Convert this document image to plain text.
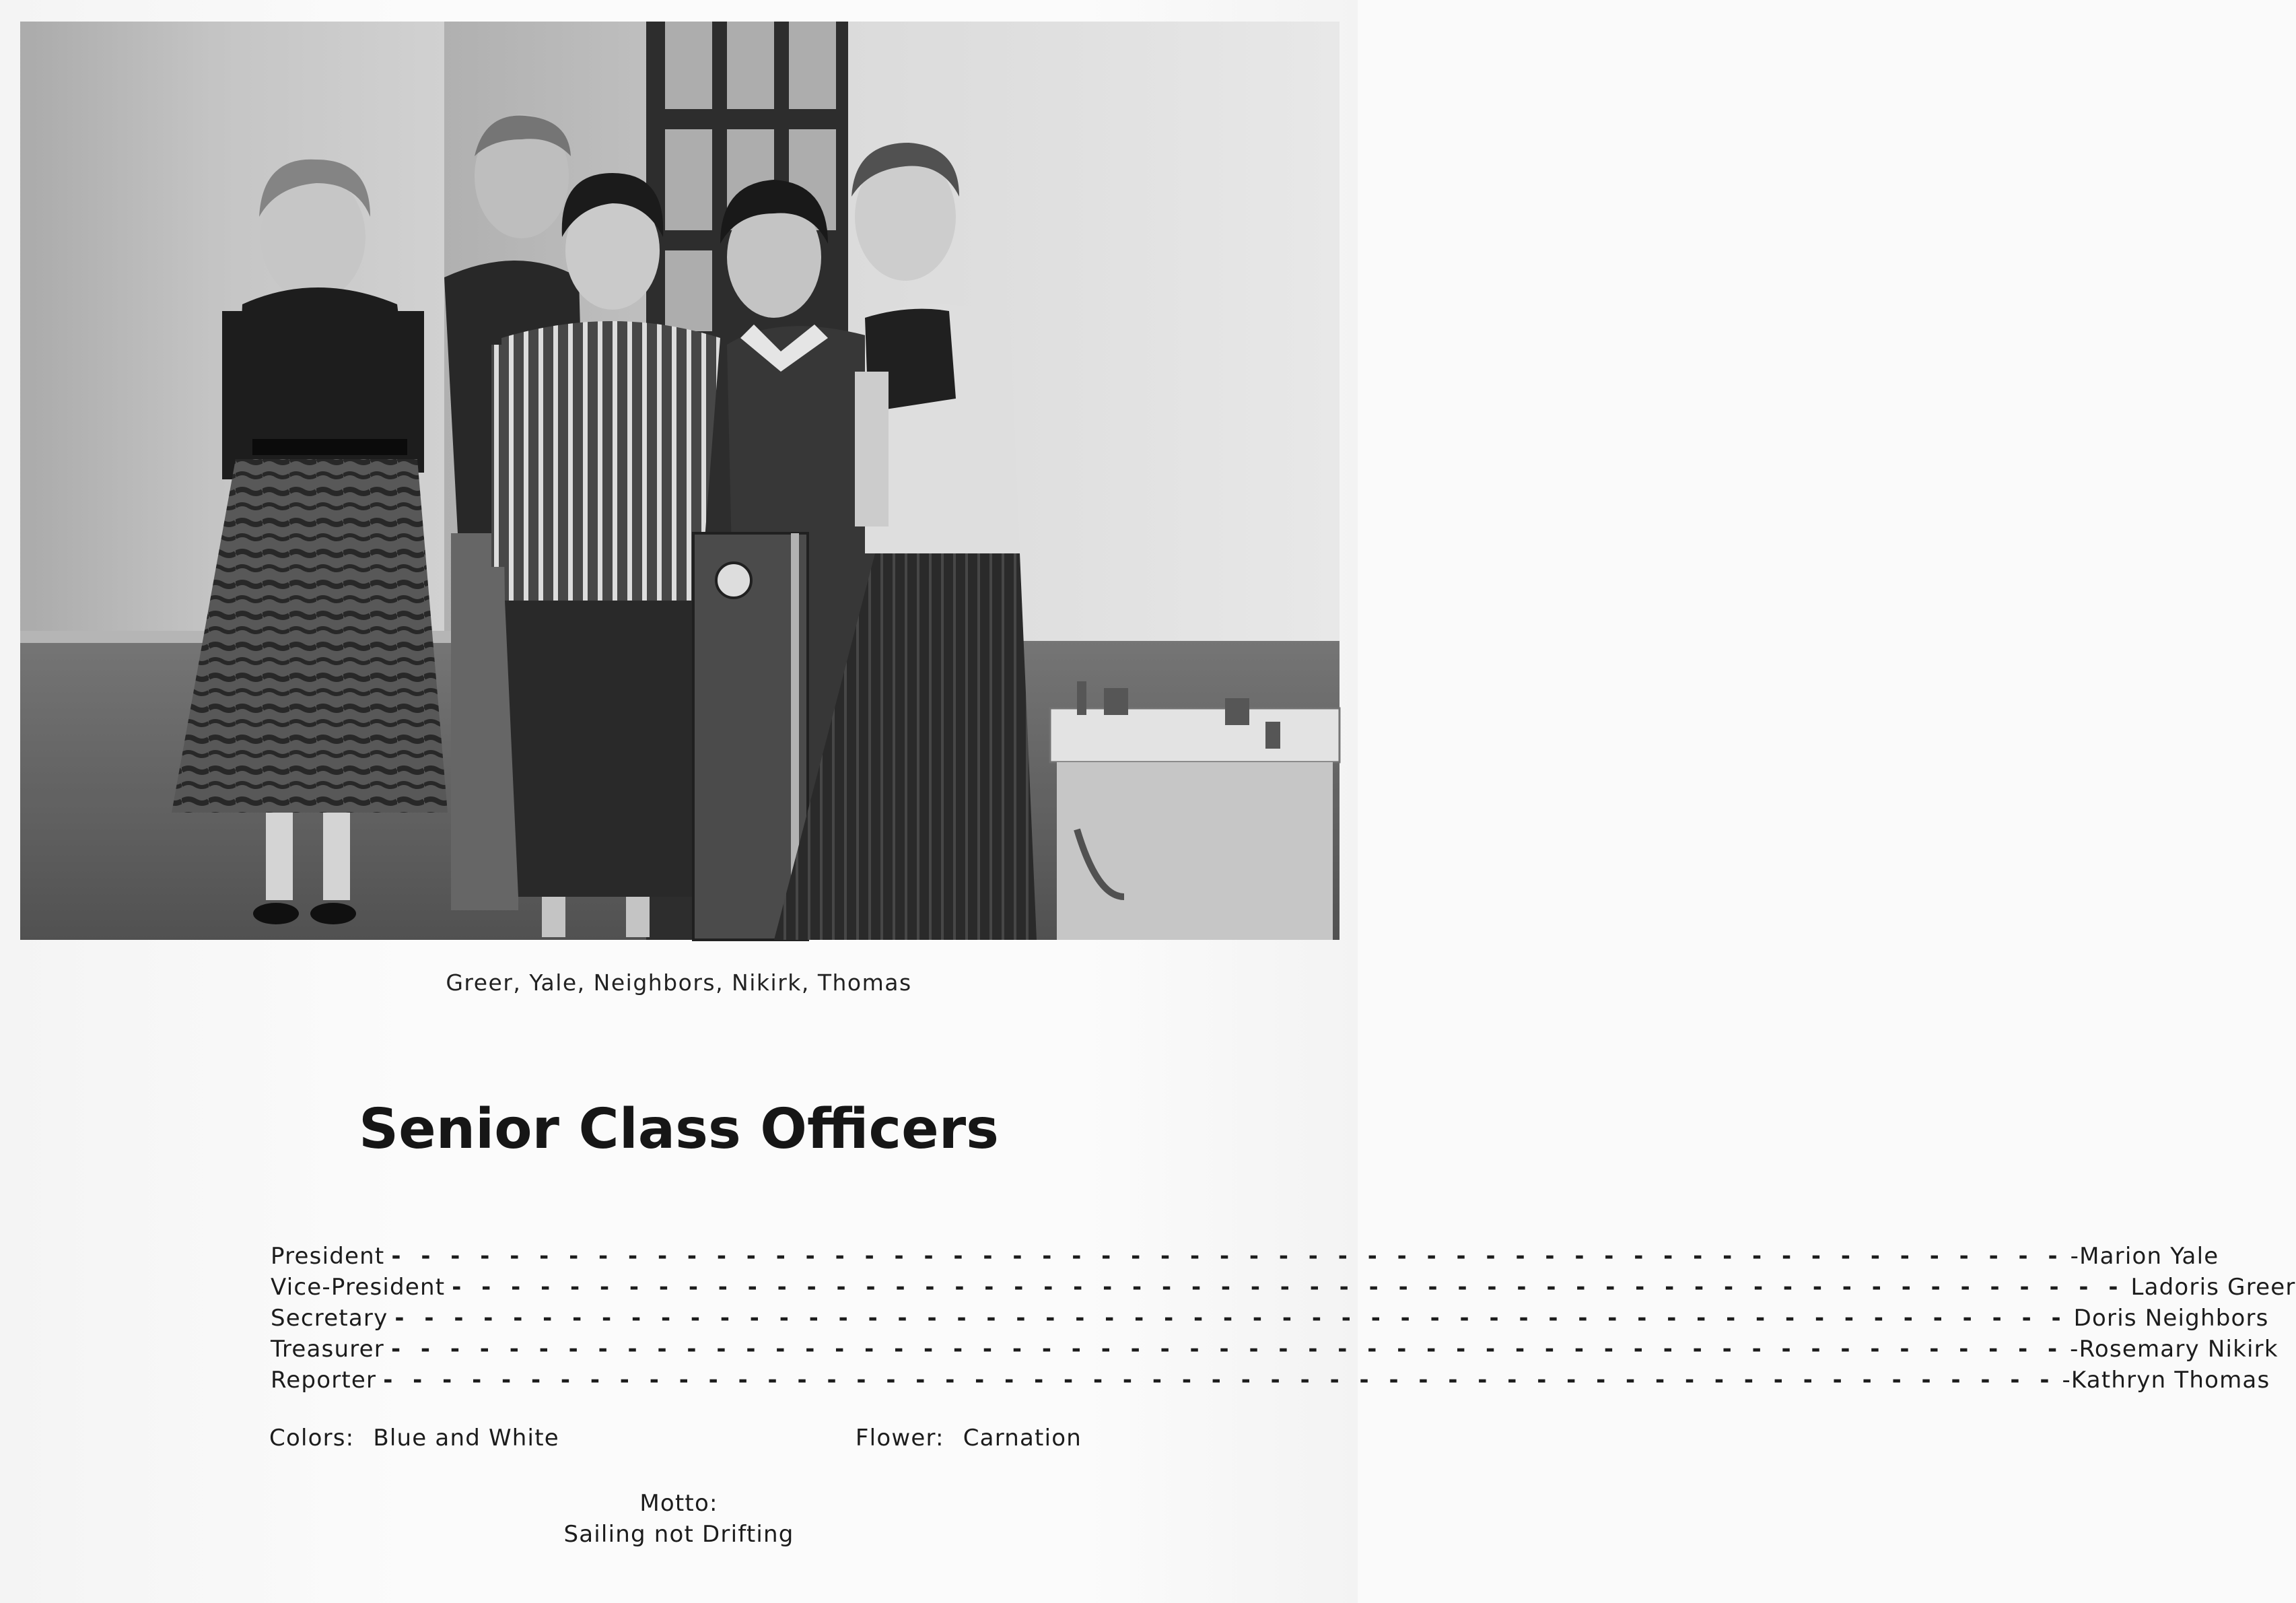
Greer, Yale, Neighbors, Nikirk, Thomas
Senior Class Officers
President - - - - - - - - - - - - - - - - - - - - - - - - - - - - - - - - - - - - - - - - - - - - - - - - - - - - - - - - - -Marion Yale
Vice-President - - - - - - - - - - - - - - - - - - - - - - - - - - - - - - - - - - - - - - - - - - - - - - - - - - - - - - - - - Ladoris Greer
Secretary - - - - - - - - - - - - - - - - - - - - - - - - - - - - - - - - - - - - - - - - - - - - - - - - - - - - - - - - - Doris Neighbors
Treasurer - - - - - - - - - - - - - - - - - - - - - - - - - - - - - - - - - - - - - - - - - - - - - - - - - - - - - - - - - -Rosemary Nikirk
Reporter - - - - - - - - - - - - - - - - - - - - - - - - - - - - - - - - - - - - - - - - - - - - - - - - - - - - - - - - - -Kathryn Thomas
Colors: Blue and White	Flower: Carnation
Motto:
Sailing not Drifting
